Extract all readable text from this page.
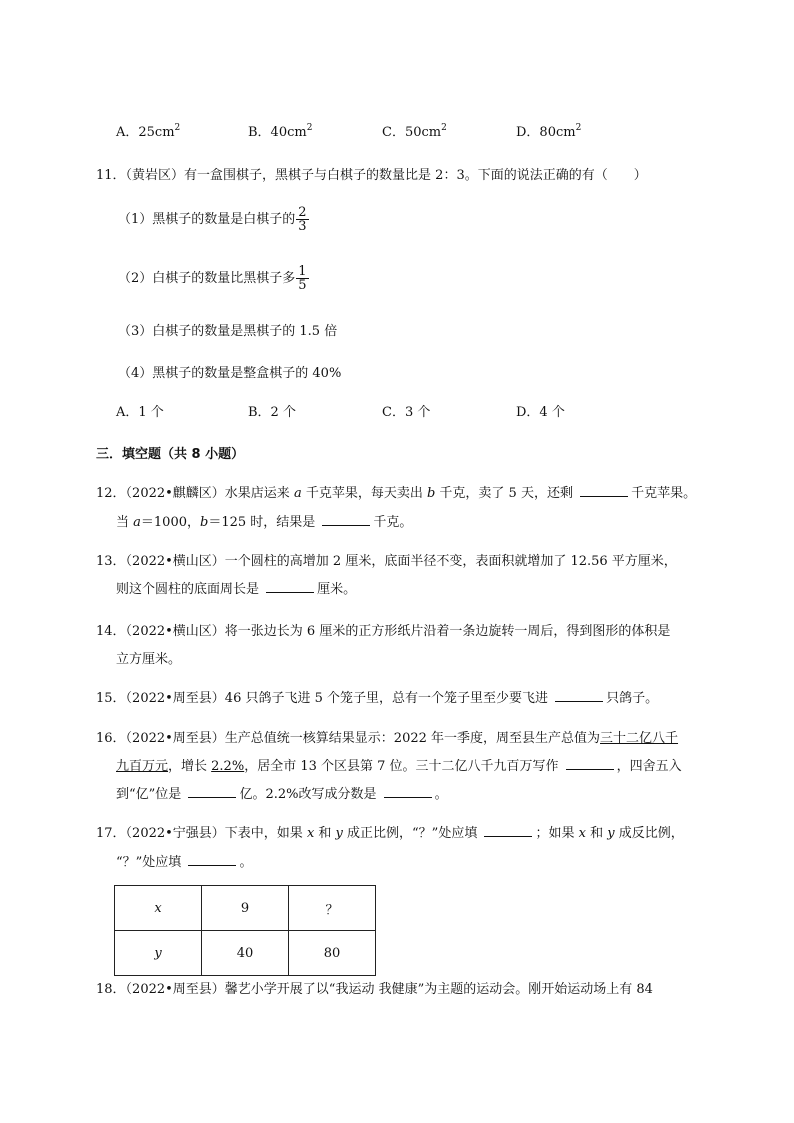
A．$25cm^2$	B．$40cm^2$	C．$50cm^2$	D．$80cm^2$
11．（黄岩区）有一盒围棋子，黑棋子与白棋子的数量比是 2：3。下面的说法正确的有（　　）
（1）黑棋子的数量是白棋子的 $\frac{2}{3}$
（2）白棋子的数量比黑棋子多 $\frac{1}{5}$
（3）白棋子的数量是黑棋子的 1.5 倍
（4）黑棋子的数量是整盒棋子的 40%
A．1 个	B．2 个	C．3 个	D．4 个
三．填空题（共 8 小题）
12．（2022•麒麟区）水果店运来 a 千克苹果，每天卖出 b 千克，卖了 5 天，还剩	千克苹果。
当 a＝1000，b＝125 时，结果是	千克。
13．（2022•横山区）一个圆柱的高增加 2 厘米，底面半径不变，表面积就增加了 12.56 平方厘米，
则这个圆柱的底面周长是	厘米。
14．（2022•横山区）将一张边长为 6 厘米的正方形纸片沿着一条边旋转一周后，得到图形的体积是
立方厘米。
15．（2022•周至县）46 只鸽子飞进 5 个笼子里，总有一个笼子里至少要飞进	只鸽子。
16．（2022•周至县）生产总值统一核算结果显示：2022 年一季度，周至县生产总值为三十二亿八千
九百万元，增长 2.2%，居全市 13 个区县第 7 位。三十二亿八千九百万写作	，四舍五入
到“亿”位是	亿。2.2%改写成分数是	。
17．（2022•宁强县）下表中，如果 x 和 y 成正比例，“？”处应填	；如果 x 和 y 成反比例，
“？”处应填	。
x	9	？
y	40	80
18．（2022•周至县）馨艺小学开展了以“我运动 我健康”为主题的运动会。刚开始运动场上有 84
